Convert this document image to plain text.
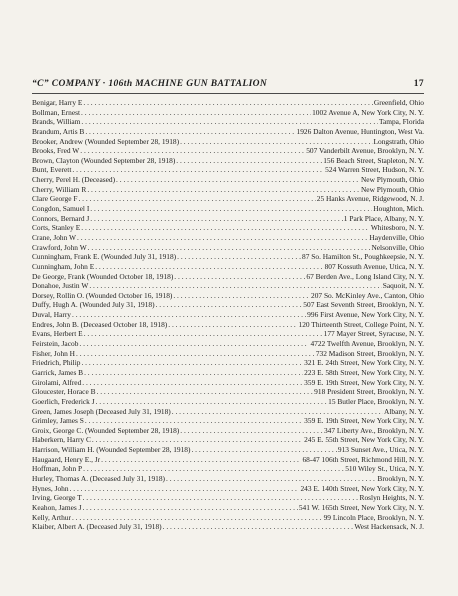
“C” COMPANY · 106th MACHINE GUN BATTALION	17
Benigar, Harry E . . .	Greenfield, Ohio
Bollman, Ernest . . .	1002 Avenue A, New York City, N. Y.
Brands, William . . .	Tampa, Florida
Brandum, Artis B . . .	1926 Dalton Avenue, Huntington, West Va.
Brooker, Andrew (Wounded September 28, 1918) . . .	Longstrath, Ohio
Brooks, Fred W . . .	507 Vanderbilt Avenue, Brooklyn, N. Y.
Brown, Clayton (Wounded September 28, 1918) . . .	156 Beach Street, Stapleton, N. Y.
Bunt, Everett . . .	524 Warren Street, Hudson, N. Y.
Cherry, Perel H. (Deceased) . . .	New Plymouth, Ohio
Cherry, William R . . .	New Plymouth, Ohio
Clare George F . . .	25 Hanks Avenue, Ridgewood, N. J.
Congdon, Samuel I . . .	Houghton, Mich.
Connors, Bernard J . . .	1 Park Place, Albany, N. Y.
Corts, Stanley E . . .	Whitesboro, N. Y.
Crane, John W . . .	Haydenville, Ohio
Crawford, John W . . .	Nelsonville, Ohio
Cunningham, Frank E. (Wounded July 31, 1918) . . .	87 So. Hamilton St., Poughkeepsie, N. Y.
Cunningham, John E . . .	807 Kossuth Avenue, Utica, N. Y.
De George, Frank (Wounded October 18, 1918) . . .	67 Berden Ave., Long Island City, N. Y.
Donahoe, Justin W . . .	Saquoit, N. Y.
Dorsey, Rollin O. (Wounded October 16, 1918) . . .	207 So. McKinley Ave., Canton, Ohio
Duffy, Hugh A. (Wounded July 31, 1918) . . .	507 East Seventh Street, Brooklyn, N. Y.
Duval, Harry . . .	996 First Avenue, New York City, N. Y.
Endres, John B. (Deceased October 18, 1918) . . .	120 Thirteenth Street, College Point, N. Y.
Evans, Herbert E . . .	177 Mayer Street, Syracuse, N. Y.
Feirstein, Jacob . . .	4722 Twelfth Avenue, Brooklyn, N. Y.
Fisher, John H . . .	732 Madison Street, Brooklyn, N. Y.
Friedrich, Philip . . .	321 E. 24th Street, New York City, N. Y.
Garrick, James B . . .	223 E. 58th Street, New York City, N. Y.
Girolami, Alfred . . .	359 E. 19th Street, New York City, N. Y.
Gloucester, Horace B . . .	918 President Street, Brooklyn, N. Y.
Goerlich, Frederick J . . .	15 Butler Place, Brooklyn, N. Y.
Green, James Joseph (Deceased July 31, 1918) . . .	Albany, N. Y.
Grimley, James S . . .	359 E. 19th Street, New York City, N. Y.
Groix, George C. (Wounded September 28, 1918) . . .	347 Liberty Ave., Brooklyn, N. Y.
Haberkern, Harry C . . .	245 E. 55th Street, New York City, N. Y.
Harrison, William H. (Wounded September 28, 1918) . . .	913 Sunset Ave., Utica, N. Y.
Haugaard, Henry E., Jr . . .	68-47 106th Street, Richmond Hill, N. Y.
Hoffman, John P . . .	510 Wiley St., Utica, N. Y.
Hurley, Thomas A. (Deceased July 31, 1918) . . .	Brooklyn, N. Y.
Hynes, John . . .	243 E. 140th Street, New York City, N. Y.
Irving, George T . . .	Roslyn Heights, N. Y.
Keahon, James J . . .	541 W. 165th Street, New York City, N. Y.
Kelly, Arthur . . .	99 Lincoln Place, Brooklyn, N. Y.
Klaiber, Albert A. (Deceased July 31, 1918) . . .	West Hackensack, N. J.
